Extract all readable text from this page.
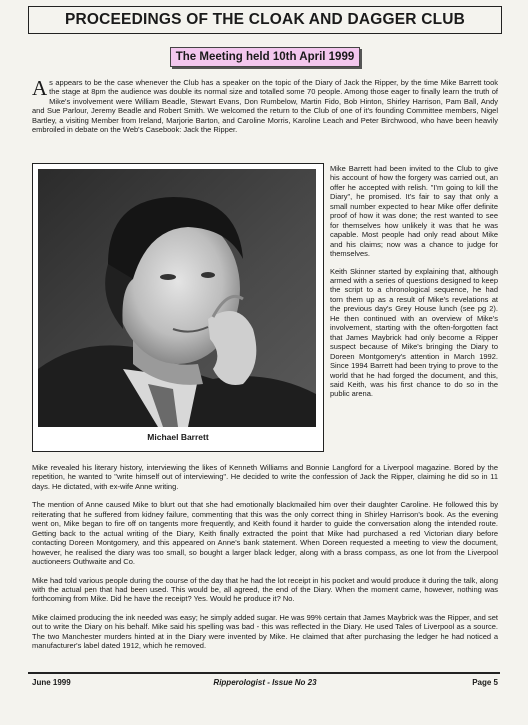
PROCEEDINGS OF THE CLOAK AND DAGGER CLUB
The Meeting held 10th April 1999

A s appears to be the case whenever the Club has a speaker on the topic of the Diary of Jack the Ripper, by the time Mike Barrett took the stage at 8pm the audience was double its normal size and totalled some 70 people. Among those eager to finally learn the truth of Mike's involvement were William Beadle, Stewart Evans, Don Rumbelow, Martin Fido, Bob Hinton, Shirley Harrison, Pam Ball, Andy and Sue Parlour, Jeremy Beadle and Robert Smith. We welcomed the return to the Club of one of it's founding Committee members, Nigel Bartley, a visiting Member from Ireland, Marjorie Barton, and Caroline Morris, Karoline Leach and Peter Birchwood, who have been heavily embroiled in debate on the Web's Casebook: Jack the Ripper.

Michael Barrett

Mike Barrett had been invited to the Club to give his account of how the forgery was carried out, an offer he accepted with relish. "I'm going to kill the Diary", he promised. It's fair to say that only a small number expected to hear Mike offer definite proof of how it was done; the rest wanted to see for themselves how unlikely it was that he was capable. Most people had only read about Mike and his claims; now was a chance to judge for themselves.

Keith Skinner started by explaining that, although armed with a series of questions designed to keep the script to a chronological sequence, he had torn them up as a result of Mike's revelations at the previous day's Grey House lunch (see pg 2). He then continued with an overview of Mike's involvement, starting with the often-forgotten fact that James Maybrick had only become a Ripper suspect because of Mike's bringing the Diary to Doreen Montgomery's attention in March 1992. Since 1994 Barrett had been trying to prove to the world that he had forged the document, and this, said Keith, was his first chance to do so in the public arena.

Mike revealed his literary history, interviewing the likes of Kenneth Williams and Bonnie Langford for a Liverpool magazine. Bored by the repetition, he wanted to "write himself out of interviewing". He decided to write the confession of Jack the Ripper, claiming he did so in 11 days. He dictated, with ex-wife Anne writing.

The mention of Anne caused Mike to blurt out that she had emotionally blackmailed him over their daughter Caroline. He followed this by reiterating that he suffered from kidney failure, commenting that this was the only correct thing in Shirley Harrison's book. As the evening went on, Mike began to fire off on tangents more frequently, and Keith found it harder to guide the conversation along the intended route. Getting back to the actual writing of the Diary, Keith finally extracted the point that Mike had purchased a red Victorian diary before contacting Doreen Montgomery, and this appeared on Anne's bank statement. When Doreen requested a meeting to view the document, however, he realised the diary was too small, so bought a larger black ledger, along with a brass compass, as one lot from the Liverpool auctioneers Outhwaite and Co.

Mike had told various people during the course of the day that he had the lot receipt in his pocket and would produce it during the talk, along with the actual pen that had been used. This would be, all agreed, the end of the Diary. When the moment came, however, nothing was forthcoming from Mike. Did he have the receipt? Yes. Would he produce it? No.

Mike claimed producing the ink needed was easy; he simply added sugar. He was 99% certain that James Maybrick was the Ripper, and set out to write the Diary on his behalf. Mike said his spelling was bad - this was reflected in the Diary. He used Tales of Liverpool as a source. The two Manchester murders hinted at in the Diary were invented by Mike. He claimed that after purchasing the ledger he had noticed a manufacturer's label dated 1912, which he removed.

June 1999	Ripperologist - Issue No 23	Page 5
